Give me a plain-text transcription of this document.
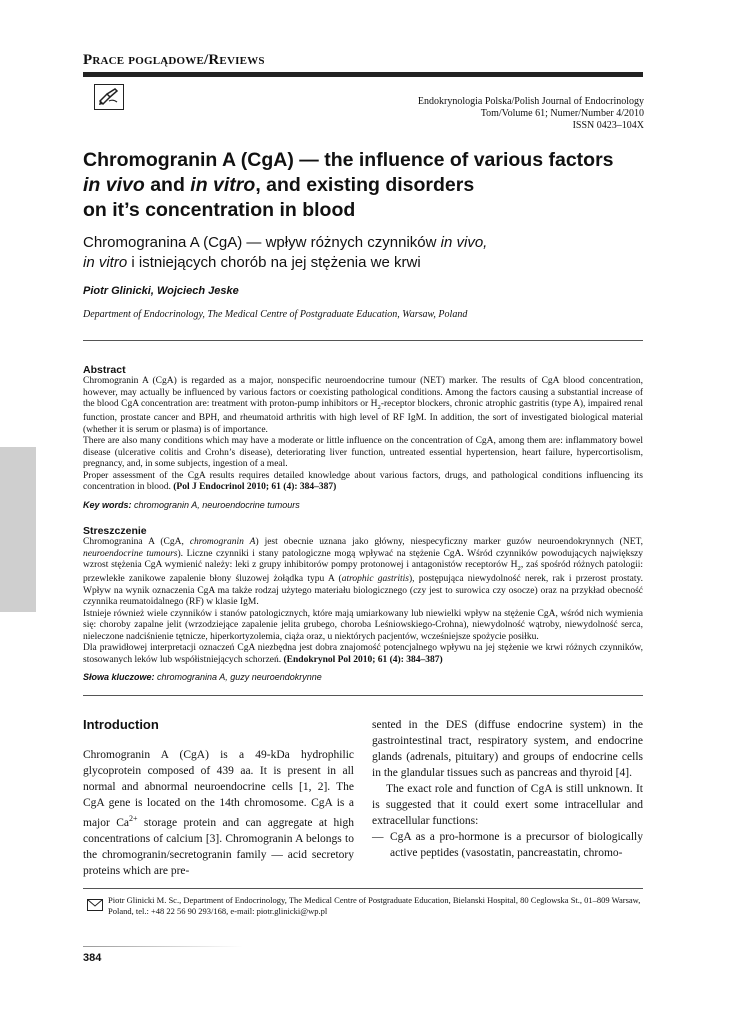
Prace poglądowe/Reviews
Endokrynologia Polska/Polish Journal of Endocrinology
Tom/Volume 61; Numer/Number 4/2010
ISSN 0423–104X
Chromogranin A (CgA) — the influence of various factors
in vivo and in vitro, and existing disorders
on it’s concentration in blood
Chromogranina A (CgA) — wpływ różnych czynników in vivo,
in vitro i istniejących chorób na jej stężenia we krwi
Piotr Glinicki, Wojciech Jeske
Department of Endocrinology, The Medical Centre of Postgraduate Education, Warsaw, Poland
Abstract

Chromogranin A (CgA) is regarded as a major, nonspecific neuroendocrine tumour (NET) marker. The results of CgA blood concentration, however, may actually be influenced by various factors or coexisting pathological conditions. Among the factors causing a substantial increase of the blood CgA concentration are: treatment with proton-pump inhibitors or $H_2$-receptor blockers, chronic atrophic gastritis (type A), impaired renal function, prostate cancer and BPH, and rheumatoid arthritis with high level of RF IgM. In addition, the sort of investigated biological material (whether it is serum or plasma) is of importance.

There are also many conditions which may have a moderate or little influence on the concentration of CgA, among them are: inflammatory bowel disease (ulcerative colitis and Crohn’s disease), deteriorating liver function, untreated essential hypertension, heart failure, hypercortisolism, pregnancy, and, in some subjects, ingestion of a meal.

Proper assessment of the CgA results requires detailed knowledge about various factors, drugs, and pathological conditions influencing its concentration in blood. (Pol J Endocrinol 2010; 61 (4): 384–387)

Key words: chromogranin A, neuroendocrine tumours
Streszczenie

Chromogranina A (CgA, chromogranin A) jest obecnie uznana jako główny, niespecyficzny marker guzów neuroendokrynnych (NET, neuroendocrine tumours). Liczne czynniki i stany patologiczne mogą wpływać na stężenie CgA. Wśród czynników powodujących największy wzrost stężenia CgA wymienić należy: leki z grupy inhibitorów pompy protonowej i antagonistów receptorów $H_2$, zaś spośród różnych patologii: przewlekłe zanikowe zapalenie błony śluzowej żołądka typu A (atrophic gastritis), postępująca niewydolność nerek, rak i przerost prostaty. Wpływ na wynik oznaczenia CgA ma także rodzaj użytego materiału biologicznego (czy jest to surowica czy osocze) oraz na przykład obecność czynnika reumatoidalnego (RF) w klasie IgM.

Istnieje również wiele czynników i stanów patologicznych, które mają umiarkowany lub niewielki wpływ na stężenie CgA, wśród nich wymienia się: choroby zapalne jelit (wrzodziejące zapalenie jelita grubego, choroba Leśniowskiego-Crohna), niewydolność wątroby, niewydolność serca, nieleczone nadciśnienie tętnicze, hiperkortyzolemia, ciąża oraz, u niektórych pacjentów, wcześniejsze spożycie posiłku.

Dla prawidłowej interpretacji oznaczeń CgA niezbędna jest dobra znajomość potencjalnego wpływu na jej stężenie we krwi różnych czynników, stosowanych leków lub współistniejących schorzeń. (Endokrynol Pol 2010; 61 (4): 384–387)

Słowa kluczowe: chromogranina A, guzy neuroendokrynne
Introduction

Chromogranin A (CgA) is a 49-kDa hydrophilic glycoprotein composed of 439 aa. It is present in all normal and abnormal neuroendocrine cells [1, 2]. The CgA gene is located on the 14th chromosome. CgA is a major $Ca^{2+}$ storage protein and can aggregate at high concentrations of calcium [3]. Chromogranin A belongs to the chromogranin/secretogranin family — acid secretory proteins which are pre-

sented in the DES (diffuse endocrine system) in the gastrointestinal tract, respiratory system, and endocrine glands (adrenals, pituitary) and groups of endocrine cells in the glandular tissues such as pancreas and thyroid [4].

The exact role and function of CgA is still unknown. It is suggested that it could exert some intracellular and extracellular functions:

— CgA as a pro-hormone is a precursor of biologically active peptides (vasostatin, pancreastatin, chromo-
Piotr Glinicki M. Sc., Department of Endocrinology, The Medical Centre of Postgraduate Education, Bielanski Hospital, 80 Ceglowska St., 01–809 Warsaw, Poland, tel.: +48 22 56 90 293/168, e-mail: piotr.glinicki@wp.pl
384
